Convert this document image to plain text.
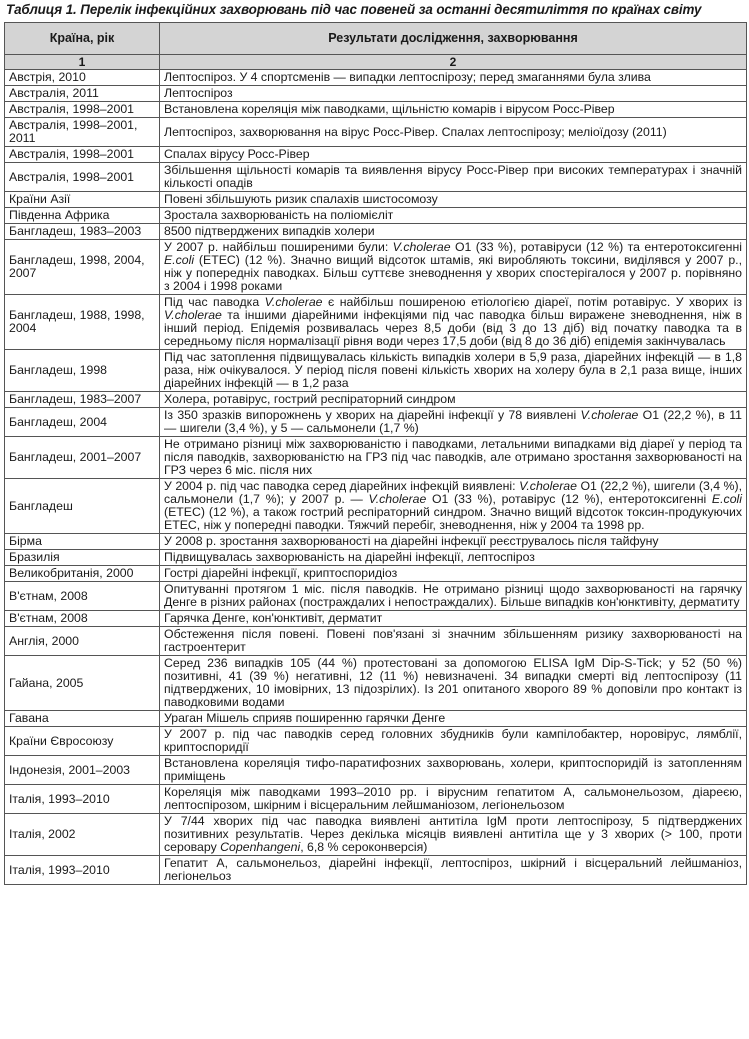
Таблиця 1. Перелік інфекційних захворювань під час повеней за останні десятиліття по країнах світу
Країна, рік	Результати дослідження, захворювання
1	2
Австрія, 2010	Лептоспіроз. У 4 спортсменів — випадки лептоспірозу; перед змаганнями була злива
Австралія, 2011	Лептоспіроз
Австралія, 1998–2001	Встановлена кореляція між паводками, щільністю комарів і вірусом Росс-Рівер
Австралія, 1998–2001, 2011	Лептоспіроз, захворювання на вірус Росс-Рівер. Спалах лептоспірозу; меліоїдозу (2011)
Австралія, 1998–2001	Спалах вірусу Росс-Рівер
Австралія, 1998–2001	Збільшення щільності комарів та виявлення вірусу Росс-Рівер при високих температурах і значній кількості опадів
Країни Азії	Повені збільшують ризик спалахів шистосомозу
Південна Африка	Зростала захворюваність на поліомієліт
Бангладеш, 1983–2003	8500 підтверджених випадків холери
Бангладеш, 1998, 2004, 2007	У 2007 р. найбільш поширеними були: V.cholerae O1 (33 %), ротавіруси (12 %) та ентеротоксигенні E.coli (ETEC) (12 %). Значно вищий відсоток штамів, які виробляють токсини, виділявся у 2007 р., ніж у попередніх паводках. Більш суттєве зневоднення у хворих спостерігалося у 2007 р. порівняно з 2004 і 1998 роками
Бангладеш, 1988, 1998, 2004	Під час паводка V.cholerae є найбільш поширеною етіологією діареї, потім ротавірус. У хворих із V.cholerae та іншими діарейними інфекціями під час паводка більш виражене зневоднення, ніж в інший період. Епідемія розвивалась через 8,5 доби (від 3 до 13 діб) від початку паводка та в середньому після нормалізації рівня води через 17,5 доби (від 8 до 36 діб) епідемія закінчувалась
Бангладеш, 1998	Під час затоплення підвищувалась кількість випадків холери в 5,9 раза, діарейних інфекцій — в 1,8 раза, ніж очікувалося. У період після повені кількість хворих на холеру була в 2,1 раза вище, інших діарейних інфекцій — в 1,2 раза
Бангладеш, 1983–2007	Холера, ротавірус, гострий респіраторний синдром
Бангладеш, 2004	Із 350 зразків випорожнень у хворих на діарейні інфекції у 78 виявлені V.cholerae O1 (22,2 %), в 11 — шигели (3,4 %), у 5 — сальмонели (1,7 %)
Бангладеш, 2001–2007	Не отримано різниці між захворюваністю і паводками, летальними випадками від діареї у період та після паводків, захворюваністю на ГРЗ під час паводків, але отримано зростання захворюваності на ГРЗ через 6 міс. після них
Бангладеш	У 2004 р. під час паводка серед діарейних інфекцій виявлені: V.cholerae O1 (22,2 %), шигели (3,4 %), сальмонели (1,7 %); у 2007 р. — V.cholerae O1 (33 %), ротавірус (12 %), ентеротоксигенні E.coli (ETEC) (12 %), а також гострий респіраторний синдром. Значно вищий відсоток токсин-продукуючих ETEC, ніж у попередні паводки. Тяжчий перебіг, зневоднення, ніж у 2004 та 1998 рр.
Бірма	У 2008 р. зростання захворюваності на діарейні інфекції реєструвалось після тайфуну
Бразилія	Підвищувалась захворюваність на діарейні інфекції, лептоспіроз
Великобританія, 2000	Гострі діарейні інфекції, криптоспоридіоз
В'єтнам, 2008	Опитуванні протягом 1 міс. після паводків. Не отримано різниці щодо захворюваності на гарячку Денге в різних районах (постраждалих і непостраждалих). Більше випадків кон'юнктивіту, дерматиту
В'єтнам, 2008	Гарячка Денге, кон'юнктивіт, дерматит
Англія, 2000	Обстеження після повені. Повені пов'язані зі значним збільшенням ризику захворюваності на гастроентерит
Гайана, 2005	Серед 236 випадків 105 (44 %) протестовані за допомогою ELISA IgM Dip-S-Tick; у 52 (50 %) позитивні, 41 (39 %) негативні, 12 (11 %) невизначені. 34 випадки смерті від лептоспірозу (11 підтверджених, 10 імовірних, 13 підозрілих). Із 201 опитаного хворого 89 % доповіли про контакт із паводковими водами
Гавана	Ураган Мішель сприяв поширенню гарячки Денге
Країни Євросоюзу	У 2007 р. під час паводків серед головних збудників були кампілобактер, норовірус, лямблії, криптоспоридії
Індонезія, 2001–2003	Встановлена кореляція тифо-паратифозних захворювань, холери, криптоспоридій із затопленням приміщень
Італія, 1993–2010	Кореляція між паводками 1993–2010 рр. і вірусним гепатитом А, сальмонельозом, діареєю, лептоспірозом, шкірним і вісцеральним лейшманіозом, легіонельозом
Італія, 2002	У 7/44 хворих під час паводка виявлені антитіла IgM проти лептоспірозу, 5 підтверджених позитивних результатів. Через декілька місяців виявлені антитіла ще у 3 хворих (> 100, проти серовару Copenhangeni, 6,8 % сероконверсія)
Італія, 1993–2010	Гепатит А, сальмонельоз, діарейні інфекції, лептоспіроз, шкірний і вісцеральний лейшманіоз, легіонельоз
